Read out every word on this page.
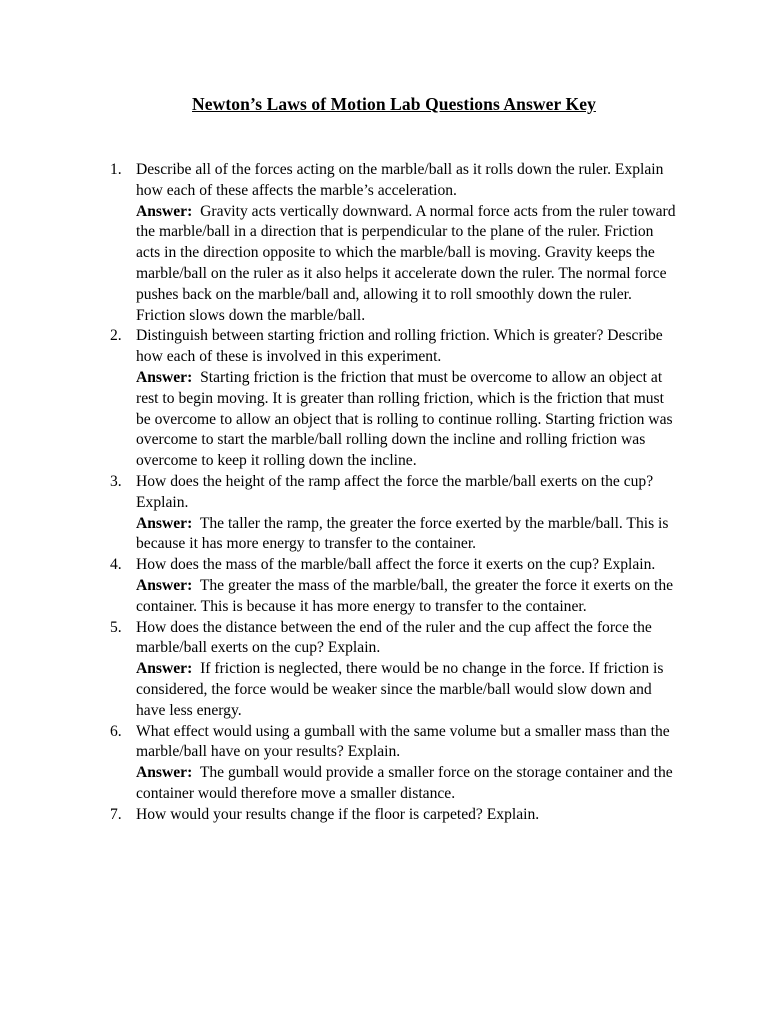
Newton’s Laws of Motion Lab Questions Answer Key
1. Describe all of the forces acting on the marble/ball as it rolls down the ruler. Explain how each of these affects the marble’s acceleration.
Answer: Gravity acts vertically downward. A normal force acts from the ruler toward the marble/ball in a direction that is perpendicular to the plane of the ruler. Friction acts in the direction opposite to which the marble/ball is moving. Gravity keeps the marble/ball on the ruler as it also helps it accelerate down the ruler. The normal force pushes back on the marble/ball and, allowing it to roll smoothly down the ruler. Friction slows down the marble/ball.
2. Distinguish between starting friction and rolling friction. Which is greater? Describe how each of these is involved in this experiment.
Answer: Starting friction is the friction that must be overcome to allow an object at rest to begin moving. It is greater than rolling friction, which is the friction that must be overcome to allow an object that is rolling to continue rolling. Starting friction was overcome to start the marble/ball rolling down the incline and rolling friction was overcome to keep it rolling down the incline.
3. How does the height of the ramp affect the force the marble/ball exerts on the cup? Explain.
Answer: The taller the ramp, the greater the force exerted by the marble/ball. This is because it has more energy to transfer to the container.
4. How does the mass of the marble/ball affect the force it exerts on the cup? Explain.
Answer: The greater the mass of the marble/ball, the greater the force it exerts on the container. This is because it has more energy to transfer to the container.
5. How does the distance between the end of the ruler and the cup affect the force the marble/ball exerts on the cup? Explain.
Answer: If friction is neglected, there would be no change in the force. If friction is considered, the force would be weaker since the marble/ball would slow down and have less energy.
6. What effect would using a gumball with the same volume but a smaller mass than the marble/ball have on your results? Explain.
Answer: The gumball would provide a smaller force on the storage container and the container would therefore move a smaller distance.
7. How would your results change if the floor is carpeted? Explain.
